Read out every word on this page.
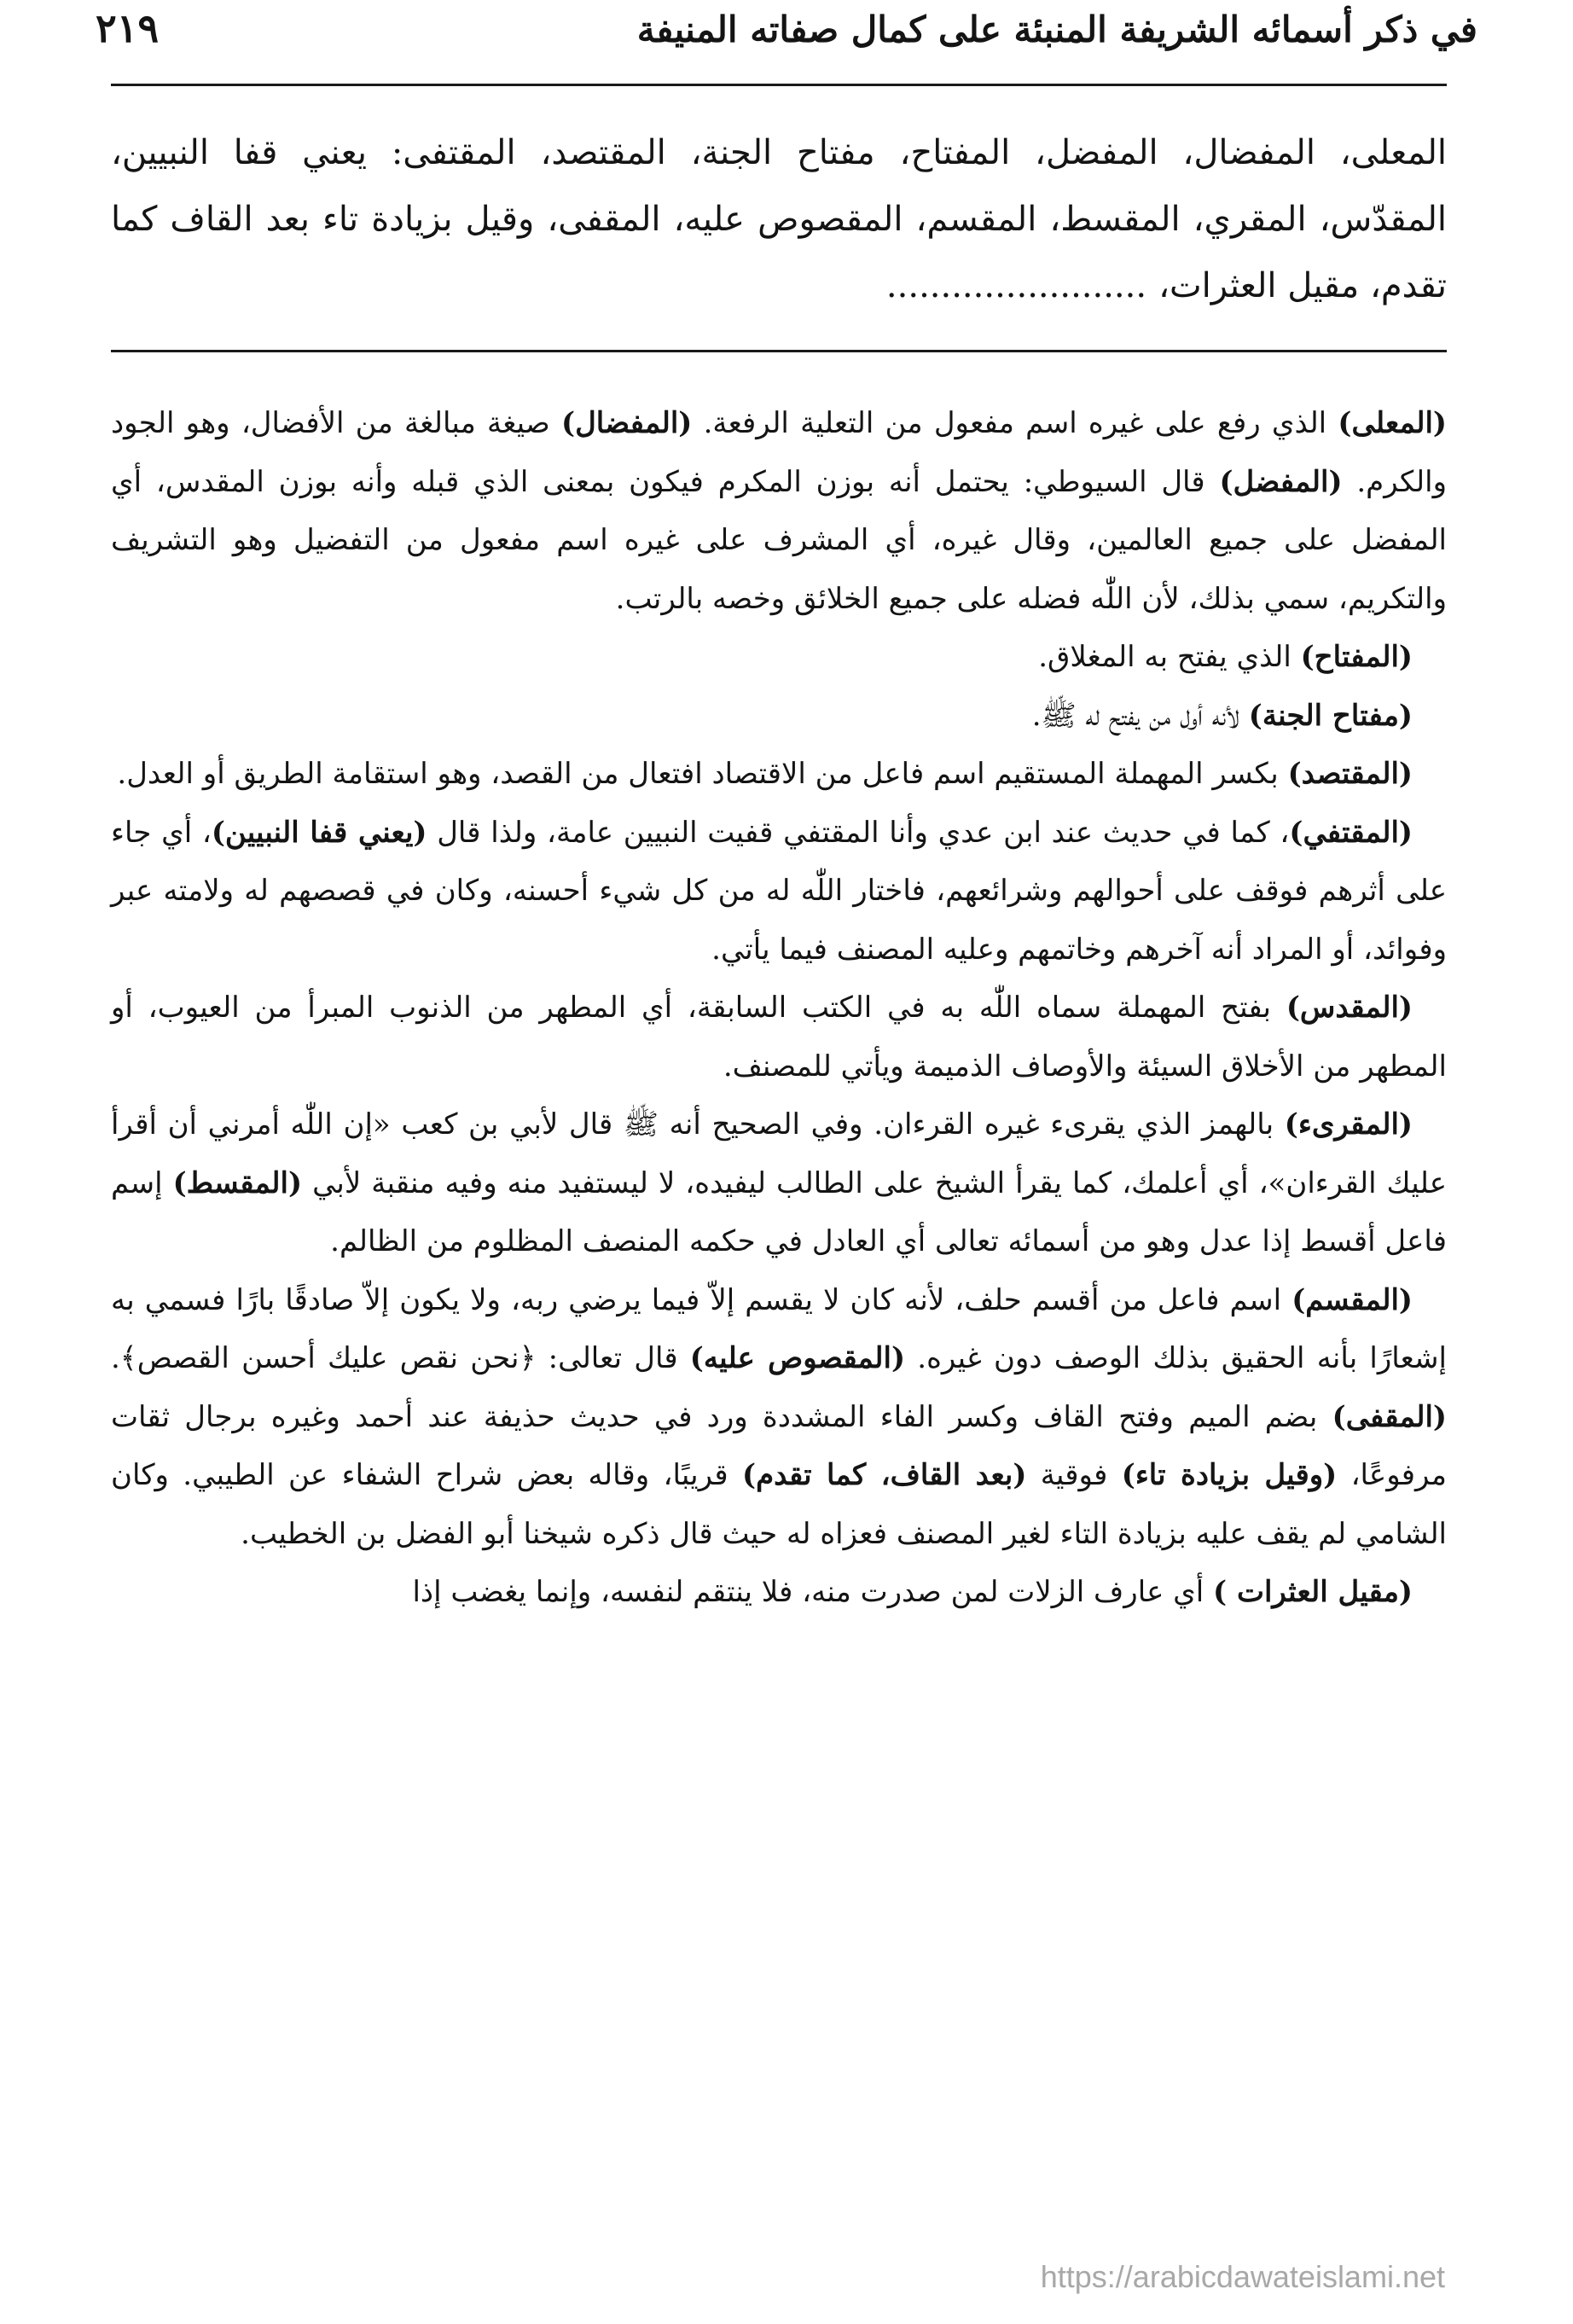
٢١٩	في ذكر أسمائه الشريفة المنبئة على كمال صفاته المنيفة
المعلى، المفضال، المفضل، المفتاح، مفتاح الجنة، المقتصد، المقتفى: يعني قفا النبيين، المقدّس، المقري، المقسط، المقسم، المقصوص عليه، المقفى، وقيل بزيادة تاء بعد القاف كما تقدم، مقيل العثرات،........................

(المعلى) الذي رفع على غيره اسم مفعول من التعلية الرفعة. (المفضال) صيغة مبالغة من الأفضال، وهو الجود والكرم. (المفضل) قال السيوطي: يحتمل أنه بوزن المكرم فيكون بمعنى الذي قبله وأنه بوزن المقدس، أي المفضل على جميع العالمين، وقال غيره، أي المشرف على غيره اسم مفعول من التفضيل وهو التشريف والتكريم، سمي بذلك، لأن اللّٰه فضله على جميع الخلائق وخصه بالرتب.

(المفتاح) الذي يفتح به المغلاق.

(مفتاح الجنة) لأنه أول من يفتح له ﷺ.

(المقتصد) بكسر المهملة المستقيم اسم فاعل من الاقتصاد افتعال من القصد، وهو استقامة الطريق أو العدل.

(المقتفي)، كما في حديث عند ابن عدي وأنا المقتفي قفيت النبيين عامة، ولذا قال (يعني قفا النبيين)، أي جاء على أثرهم فوقف على أحوالهم وشرائعهم، فاختار اللّٰه له من كل شيء أحسنه، وكان في قصصهم له ولامته عبر وفوائد، أو المراد أنه آخرهم وخاتمهم وعليه المصنف فيما يأتي.

(المقدس) بفتح المهملة سماه اللّٰه به في الكتب السابقة، أي المطهر من الذنوب المبرأ من العيوب، أو المطهر من الأخلاق السيئة والأوصاف الذميمة ويأتي للمصنف.

(المقرىء) بالهمز الذي يقرىء غيره القرءان. وفي الصحيح أنه ﷺ قال لأبي بن كعب «إن اللّٰه أمرني أن أقرأ عليك القرءان»، أي أعلمك، كما يقرأ الشيخ على الطالب ليفيده، لا ليستفيد منه وفيه منقبة لأبي (المقسط) إسم فاعل أقسط إذا عدل وهو من أسمائه تعالى أي العادل في حكمه المنصف المظلوم من الظالم.

(المقسم) اسم فاعل من أقسم حلف، لأنه كان لا يقسم إلاّ فيما يرضي ربه، ولا يكون إلاّ صادقًا بارًا فسمي به إشعارًا بأنه الحقيق بذلك الوصف دون غيره. (المقصوص عليه) قال تعالى: ﴿نحن نقص عليك أحسن القصص﴾. (المقفى) بضم الميم وفتح القاف وكسر الفاء المشددة ورد في حديث حذيفة عند أحمد وغيره برجال ثقات مرفوعًا، (وقيل بزيادة تاء) فوقية (بعد القاف، كما تقدم) قريبًا، وقاله بعض شراح الشفاء عن الطيبي. وكان الشامي لم يقف عليه بزيادة التاء لغير المصنف فعزاه له حيث قال ذكره شيخنا أبو الفضل بن الخطيب.

(مقيل العثرات ) أي عارف الزلات لمن صدرت منه، فلا ينتقم لنفسه، وإنما يغضب إذا

https://arabicdawateislami.net
